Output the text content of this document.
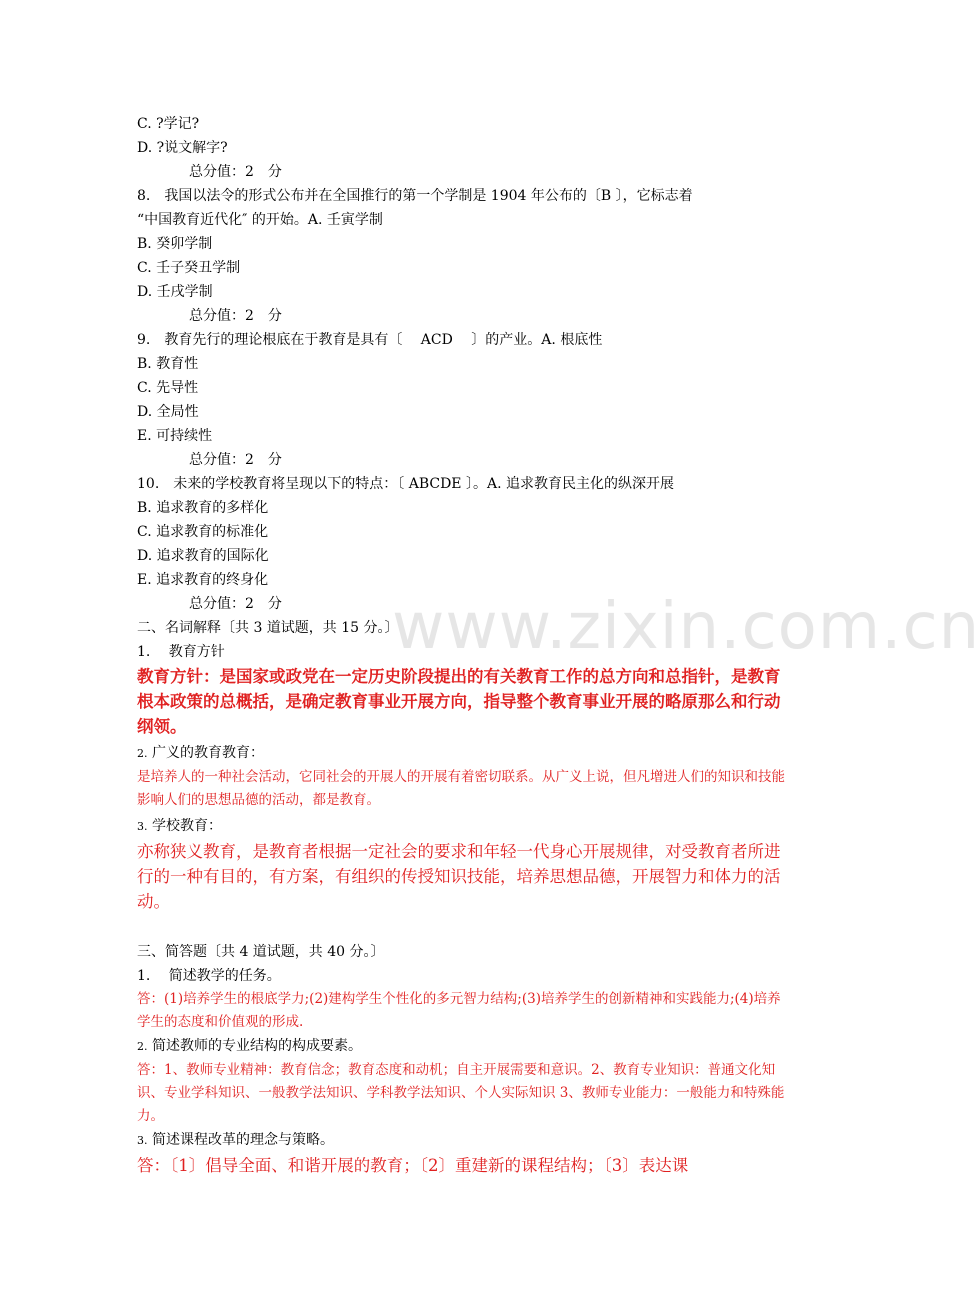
www.zixin.com.cn
C. ?学记?
D. ?说文解字?
总分值：2　分
8.　我国以法令的形式公布并在全国推行的第一个学制是 1904 年公布的〔B 〕，它标志着
“中国教育近代化″ 的开始。A. 壬寅学制
B. 癸卯学制
C. 壬子癸丑学制
D. 壬戌学制
总分值：2　分
9.　教育先行的理论根底在于教育是具有〔　 ACD　 〕的产业。A. 根底性
B. 教育性
C. 先导性
D. 全局性
E. 可持续性
总分值：2　分
10.　未来的学校教育将呈现以下的特点：〔 ABCDE 〕。A. 追求教育民主化的纵深开展
B. 追求教育的多样化
C. 追求教育的标准化
D. 追求教育的国际化
E. 追求教育的终身化
总分值：2　分
二、名词解释〔共 3 道试题，共 15 分。〕
1.　 教育方针
教育方针：是国家或政党在一定历史阶段提出的有关教育工作的总方向和总指针，是教育根本政策的总概括，是确定教育事业开展方向，指导整个教育事业开展的略原那么和行动纲领。
2. 广义的教育教育：
是培养人的一种社会活动，它同社会的开展人的开展有着密切联系。从广义上说，但凡增进人们的知识和技能影响人们的思想品德的活动，都是教育。
3. 学校教育：
亦称狭义教育，是教育者根据一定社会的要求和年轻一代身心开展规律，对受教育者所进行的一种有目的，有方案，有组织的传授知识技能，培养思想品德，开展智力和体力的活动。
三、简答题〔共 4 道试题，共 40 分。〕
1.　 简述教学的任务。
答：(1)培养学生的根底学力;(2)建构学生个性化的多元智力结构;(3)培养学生的创新精神和实践能力;(4)培养学生的态度和价值观的形成.
2. 简述教师的专业结构的构成要素。
答：1、教师专业精神：教育信念；教育态度和动机；自主开展需要和意识。2、教育专业知识：普通文化知识、专业学科知识、一般教学法知识、学科教学法知识、个人实际知识 3、教师专业能力：一般能力和特殊能力。
3. 简述课程改革的理念与策略。
答：〔1〕倡导全面、和谐开展的教育；〔2〕重建新的课程结构；〔3〕表达课
